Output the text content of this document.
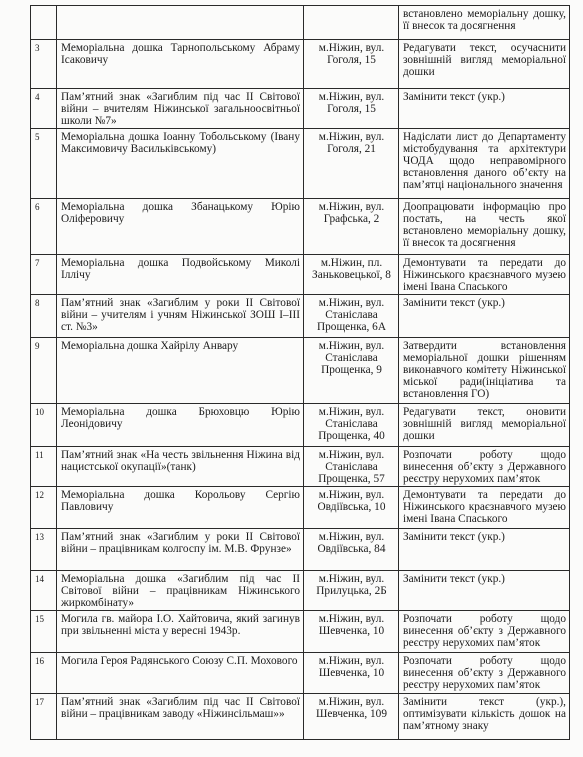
			встановлено меморіальну дошку, її внесок та досягнення
3	Меморіальна дошка Тарнопольському Абраму Ісаковичу	м.Ніжин, вул. Гоголя, 15	Редагувати текст, осучаснити зовнішній вигляд меморіальної дошки
4	Пам’ятний знак «Загиблим під час ІІ Світової війни – вчителям Ніжинської загальноосвітньої школи №7»	м.Ніжин, вул. Гоголя, 15	Замінити текст (укр.)
5	Меморіальна дошка Іоанну Тобольському (Івану Максимовичу Васильківському)	м.Ніжин, вул. Гоголя, 21	Надіслати лист до Департаменту містобудування та архітектури ЧОДА щодо неправомірного встановлення даного об’єкту на пам’ятці національного значення
6	Меморіальна дошка Збанацькому Юрію Оліферовичу	м.Ніжин, вул. Графська, 2	Доопрацювати інформацію про постать, на честь якої встановлено меморіальну дошку, її внесок та досягнення
7	Меморіальна дошка Подвойському Миколі Іллічу	м.Ніжин, пл. Заньковецької, 8	Демонтувати та передати до Ніжинського краєзнавчого музею імені Івана Спаського
8	Пам’ятний знак «Загиблим у роки ІІ Світової війни – учителям і учням Ніжинської ЗОШ І–ІІІ ст. №3»	м.Ніжин, вул. Станіслава Прощенка, 6А	Замінити текст (укр.)
9	Меморіальна дошка Хайрілу Анвару	м.Ніжин, вул. Станіслава Прощенка, 9	Затвердити встановлення меморіальної дошки рішенням виконавчого комітету Ніжинської міської ради(ініціатива та встановлення ГО)
10	Меморіальна дошка Брюховцю Юрію Леонідовичу	м.Ніжин, вул. Станіслава Прощенка, 40	Редагувати текст, оновити зовнішній вигляд меморіальної дошки
11	Пам’ятний знак «На честь звільнення Ніжина від нацистської окупації»(танк)	м.Ніжин, вул. Станіслава Прощенка, 57	Розпочати роботу щодо винесення об’єкту з Державного реєстру нерухомих пам’яток
12	Меморіальна дошка Корольову Сергію Павловичу	м.Ніжин, вул. Овдіївська, 10	Демонтувати та передати до Ніжинського краєзнавчого музею імені Івана Спаського
13	Пам’ятний знак «Загиблим у роки ІІ Світової війни – працівникам колгоспу ім. М.В. Фрунзе»	м.Ніжин, вул. Овдіївська, 84	Замінити текст (укр.)
14	Меморіальна дошка «Загиблим під час ІІ Світової війни – працівникам Ніжинського жиркомбінату»	м.Ніжин, вул. Прилуцька, 2Б	Замінити текст (укр.)
15	Могила гв. майора І.О. Хайтовича, який загинув при звільненні міста у вересні 1943р.	м.Ніжин, вул. Шевченка, 10	Розпочати роботу щодо винесення об’єкту з Державного реєстру нерухомих пам’яток
16	Могила Героя Радянського Союзу С.П. Мохового	м.Ніжин, вул. Шевченка, 10	Розпочати роботу щодо винесення об’єкту з Державного реєстру нерухомих пам’яток
17	Пам’ятний знак «Загиблим під час ІІ Світової війни – працівникам заводу «Ніжинсільмаш»»	м.Ніжин, вул. Шевченка, 109	Замінити текст (укр.), оптимізувати кількість дошок на пам’ятному знаку
